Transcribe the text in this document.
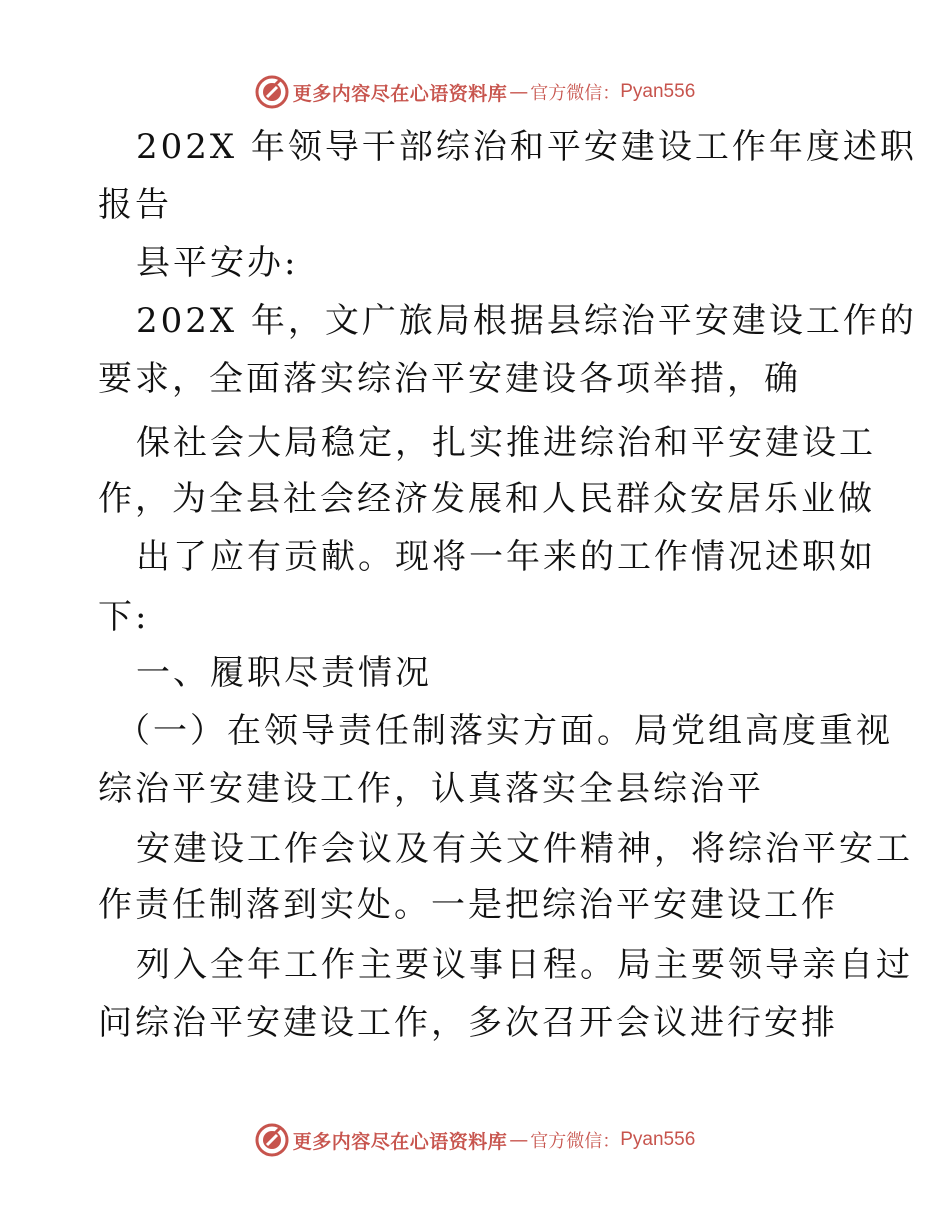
更多内容尽在心语资料库 — 官方微信： Pyan556
202X 年领导干部综治和平安建设工作年度述职
报告
县平安办:
202X 年，文广旅局根据县综治平安建设工作的
要求，全面落实综治平安建设各项举措，确
保社会大局稳定，扎实推进综治和平安建设工
作，为全县社会经济发展和人民群众安居乐业做
出了应有贡献。现将一年来的工作情况述职如
下:
一、履职尽责情况
（一）在领导责任制落实方面。局党组高度重视
综治平安建设工作，认真落实全县综治平
安建设工作会议及有关文件精神，将综治平安工
作责任制落到实处。一是把综治平安建设工作
列入全年工作主要议事日程。局主要领导亲自过
问综治平安建设工作，多次召开会议进行安排
更多内容尽在心语资料库 — 官方微信： Pyan556
